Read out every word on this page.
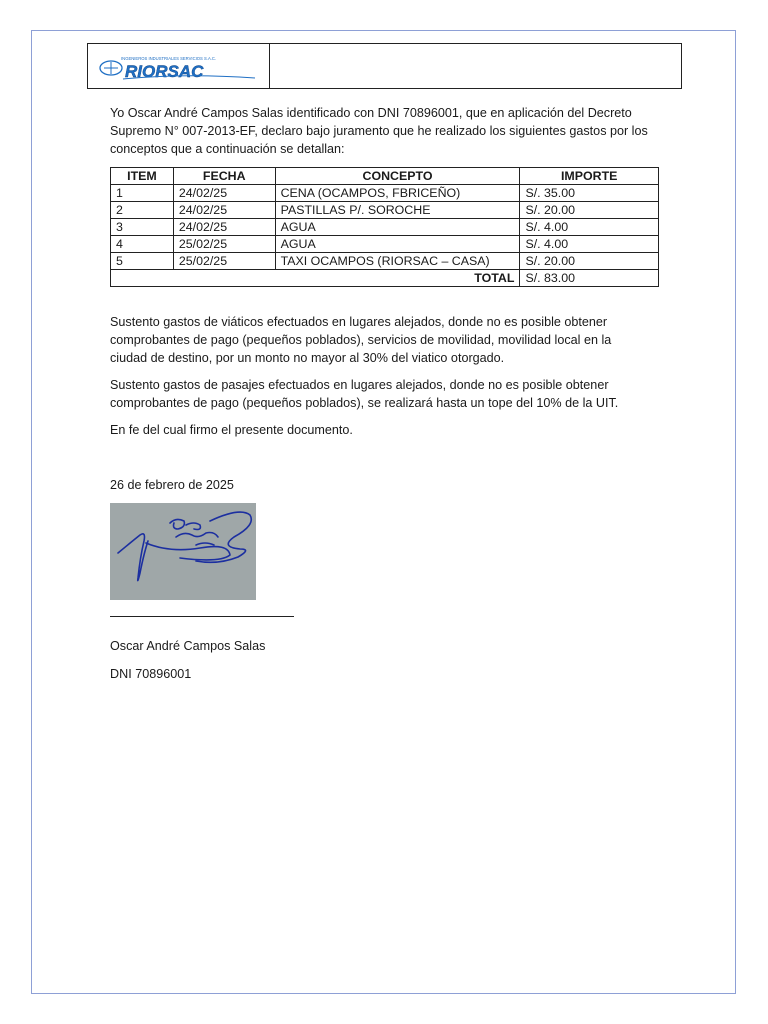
INGENIEROS INDUSTRIALES SERVICIOS S.A.C.
RIORSAC

Yo Oscar André Campos Salas identificado con DNI 70896001, que en aplicación del Decreto Supremo N° 007-2013-EF, declaro bajo juramento que he realizado los siguientes gastos por los conceptos que a continuación se detallan:

ITEM	FECHA	CONCEPTO	IMPORTE
1	24/02/25	CENA (OCAMPOS, FBRICEÑO)	S/. 35.00
2	24/02/25	PASTILLAS P/. SOROCHE	S/. 20.00
3	24/02/25	AGUA	S/. 4.00
4	25/02/25	AGUA	S/. 4.00
5	25/02/25	TAXI OCAMPOS (RIORSAC – CASA)	S/. 20.00
TOTAL			S/. 83.00

Sustento gastos de viáticos efectuados en lugares alejados, donde no es posible obtener comprobantes de pago (pequeños poblados), servicios de movilidad, movilidad local en la ciudad de destino, por un monto no mayor al 30% del viatico otorgado.

Sustento gastos de pasajes efectuados en lugares alejados, donde no es posible obtener comprobantes de pago (pequeños poblados), se realizará hasta un tope del 10% de la UIT.

En fe del cual firmo el presente documento.

26 de febrero de 2025

Oscar André Campos Salas

DNI 70896001
